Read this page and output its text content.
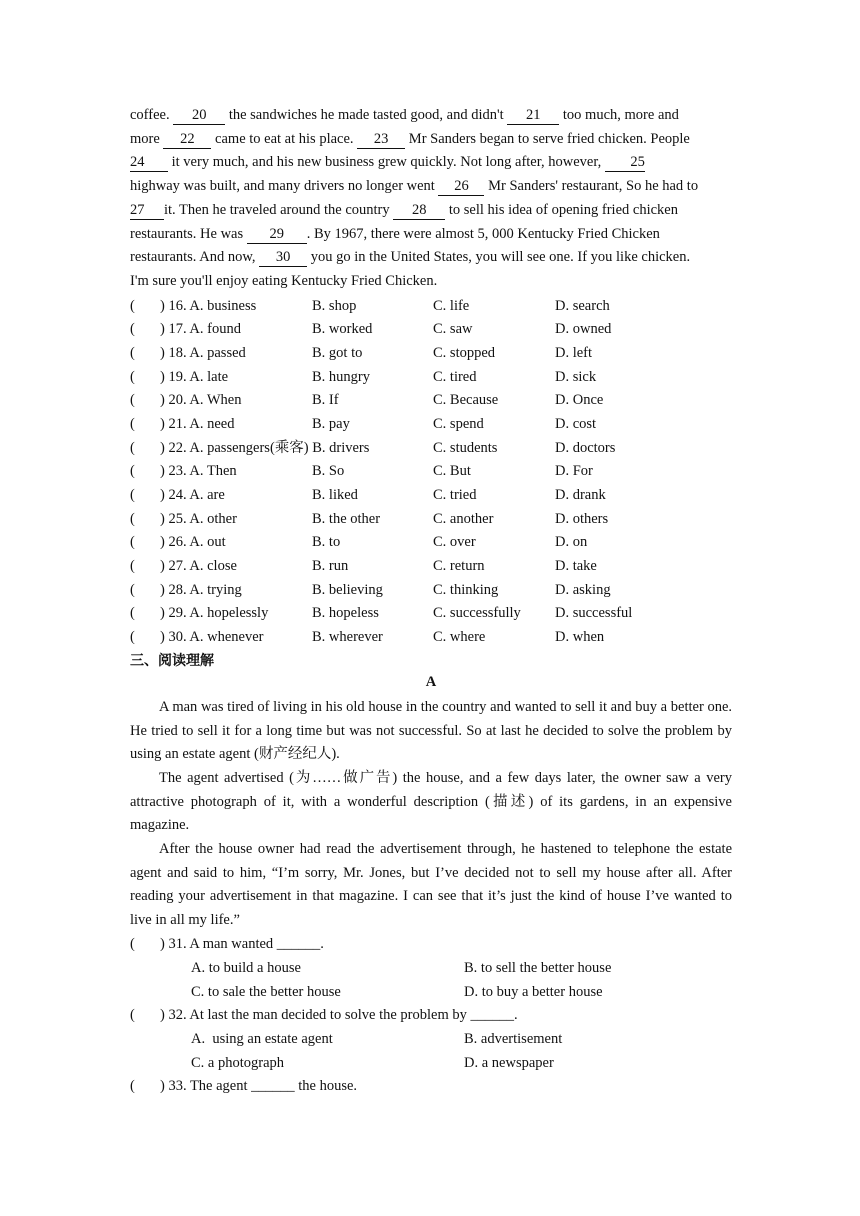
coffee. 20 the sandwiches he made tasted good, and didn't 21 too much, more and
more 22 came to eat at his place. 23 Mr Sanders began to serve fried chicken. People
24 it very much, and his new business grew quickly. Not long after, however, 25
highway was built, and many drivers no longer went 26 Mr Sanders' restaurant, So he had to
27 it. Then he traveled around the country 28 to sell his idea of opening fried chicken
restaurants. He was 29 . By 1967, there were almost 5, 000 Kentucky Fried Chicken
restaurants. And now, 30 you go in the United States, you will see one. If you like chicken.
I'm sure you'll enjoy eating Kentucky Fried Chicken.

( ) 16. A. business	B. shop	C. life	D. search
( ) 17. A. found	B. worked	C. saw	D. owned
( ) 18. A. passed	B. got to	C. stopped	D. left
( ) 19. A. late	B. hungry	C. tired	D. sick
( ) 20. A. When	B. If	C. Because	D. Once
( ) 21. A. need	B. pay	C. spend	D. cost
( ) 22. A. passengers(乘客) B. drivers	C. students	D. doctors
( ) 23. A. Then	B. So	C. But	D. For
( ) 24. A. are	B. liked	C. tried	D. drank
( ) 25. A. other	B. the other	C. another	D. others
( ) 26. A. out	B. to	C. over	D. on
( ) 27. A. close	B. run	C. return	D. take
( ) 28. A. trying	B. believing	C. thinking	D. asking
( ) 29. A. hopelessly	B. hopeless	C. successfully D. successful
( ) 30. A. whenever	B. wherever	C. where	D. when
三、阅读理解
A

A man was tired of living in his old house in the country and wanted to sell it and buy a better one. He tried to sell it for a long time but was not successful. So at last he decided to solve the problem by using an estate agent (财产经纪人).

The agent advertised (为……做广告) the house, and a few days later, the owner saw a very attractive photograph of it, with a wonderful description (描述) of its gardens, in an expensive magazine.

After the house owner had read the advertisement through, he hastened to telephone the estate agent and said to him, “I’m sorry, Mr. Jones, but I’ve decided not to sell my house after all. After reading your advertisement in that magazine. I can see that it’s just the kind of house I’ve wanted to live in all my life.”

( ) 31. A man wanted ______.
A. to build a house	B. to sell the better house
C. to sale the better house	D. to buy a better house
( ) 32. At last the man decided to solve the problem by ______.
A.  using an estate agent	B. advertisement
C. a photograph	D. a newspaper
( ) 33. The agent ______ the house.
